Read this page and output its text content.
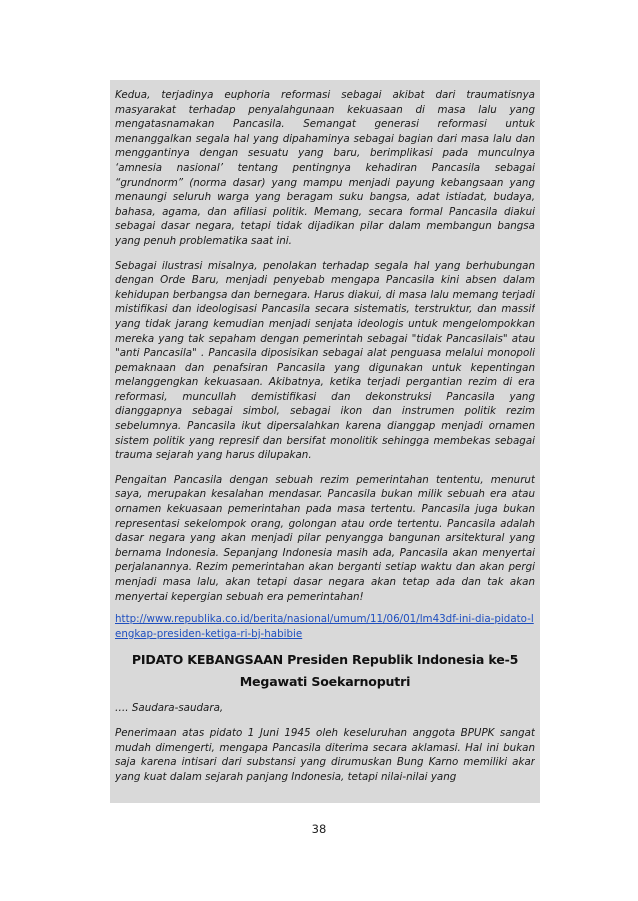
Kedua, terjadinya euphoria reformasi sebagai akibat dari traumatisnya masyarakat terhadap penyalahgunaan kekuasaan di masa lalu yang mengatasnamakan Pancasila. Semangat generasi reformasi untuk menanggalkan segala hal yang dipahaminya sebagai bagian dari masa lalu dan menggantinya dengan sesuatu yang baru, berimplikasi pada munculnya ‘amnesia nasional’ tentang pentingnya kehadiran Pancasila sebagai “grundnorm” (norma dasar) yang mampu menjadi payung kebangsaan yang menaungi seluruh warga yang beragam suku bangsa, adat istiadat, budaya, bahasa, agama, dan afiliasi politik. Memang, secara formal Pancasila diakui sebagai dasar negara, tetapi tidak dijadikan pilar dalam membangun bangsa yang penuh problematika saat ini.

Sebagai ilustrasi misalnya, penolakan terhadap segala hal yang berhubungan dengan Orde Baru, menjadi penyebab mengapa Pancasila kini absen dalam kehidupan berbangsa dan bernegara. Harus diakui, di masa lalu memang terjadi mistifikasi dan ideologisasi Pancasila secara sistematis, terstruktur, dan massif yang tidak jarang kemudian menjadi senjata ideologis untuk mengelompokkan mereka yang tak sepaham dengan pemerintah sebagai "tidak Pancasilais" atau "anti Pancasila" . Pancasila diposisikan sebagai alat penguasa melalui monopoli pemaknaan dan penafsiran Pancasila yang digunakan untuk kepentingan melanggengkan kekuasaan. Akibatnya, ketika terjadi pergantian rezim di era reformasi, muncullah demistifikasi dan dekonstruksi Pancasila yang dianggapnya sebagai simbol, sebagai ikon dan instrumen politik rezim sebelumnya. Pancasila ikut dipersalahkan karena dianggap menjadi ornamen sistem politik yang represif dan bersifat monolitik sehingga membekas sebagai trauma sejarah yang harus dilupakan.

Pengaitan Pancasila dengan sebuah rezim pemerintahan tententu, menurut saya, merupakan kesalahan mendasar. Pancasila bukan milik sebuah era atau ornamen kekuasaan pemerintahan pada masa tertentu. Pancasila juga bukan representasi sekelompok orang, golongan atau orde tertentu. Pancasila adalah dasar negara yang akan menjadi pilar penyangga bangunan arsitektural yang bernama Indonesia. Sepanjang Indonesia masih ada, Pancasila akan menyertai perjalanannya. Rezim pemerintahan akan berganti setiap waktu dan akan pergi menjadi masa lalu, akan tetapi dasar negara akan tetap ada dan tak akan menyertai kepergian sebuah era pemerintahan!

http://www.republika.co.id/berita/nasional/umum/11/06/01/lm43df-ini-dia-pidato-lengkap-presiden-ketiga-ri-bj-habibie
PIDATO KEBANGSAAN Presiden Republik Indonesia ke-5 Megawati Soekarnoputri

…. Saudara-saudara,

Penerimaan atas pidato 1 Juni 1945 oleh keseluruhan anggota BPUPK sangat mudah dimengerti, mengapa Pancasila diterima secara aklamasi. Hal ini bukan saja karena intisari dari substansi yang dirumuskan Bung Karno memiliki akar yang kuat dalam sejarah panjang Indonesia, tetapi nilai-nilai yang

38
